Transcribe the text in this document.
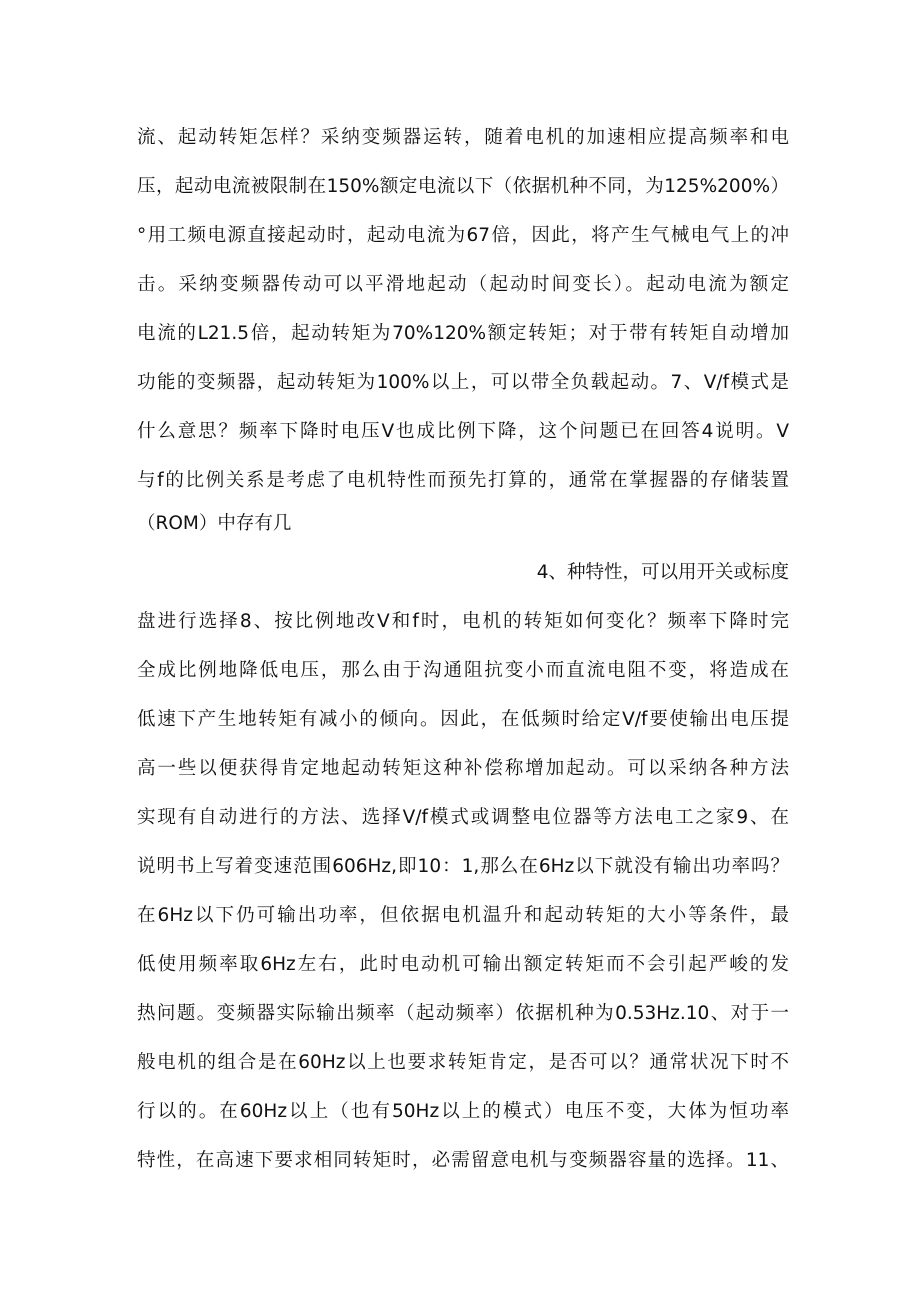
流、起动转矩怎样？采纳变频器运转，随着电机的加速相应提高频率和电
压，起动电流被限制在150%额定电流以下（依据机种不同，为125%200%）
°用工频电源直接起动时，起动电流为67倍，因此，将产生气械电气上的冲
击。采纳变频器传动可以平滑地起动（起动时间变长）。起动电流为额定
电流的L21.5倍，起动转矩为70%120%额定转矩；对于带有转矩自动增加
功能的变频器，起动转矩为100%以上，可以带全负载起动。7、V/f模式是
什么意思？频率下降时电压V也成比例下降，这个问题已在回答4说明。V
与f的比例关系是考虑了电机特性而预先打算的，通常在掌握器的存储装置
（ROM）中存有几
4、种特性，可以用开关或标度
盘进行选择8、按比例地改V和f时，电机的转矩如何变化？频率下降时完
全成比例地降低电压，那么由于沟通阻抗变小而直流电阻不变，将造成在
低速下产生地转矩有减小的倾向。因此，在低频时给定V/f要使输出电压提
高一些以便获得肯定地起动转矩这种补偿称增加起动。可以采纳各种方法
实现有自动进行的方法、选择V/f模式或调整电位器等方法电工之家9、在
说明书上写着变速范围606Hz,即10：1,那么在6Hz以下就没有输出功率吗？
在6Hz以下仍可输出功率，但依据电机温升和起动转矩的大小等条件，最
低使用频率取6Hz左右，此时电动机可输出额定转矩而不会引起严峻的发
热问题。变频器实际输出频率（起动频率）依据机种为0.53Hz.10、对于一
般电机的组合是在60Hz以上也要求转矩肯定，是否可以？通常状况下时不
行以的。在60Hz以上（也有50Hz以上的模式）电压不变，大体为恒功率
特性，在高速下要求相同转矩时，必需留意电机与变频器容量的选择。11、
